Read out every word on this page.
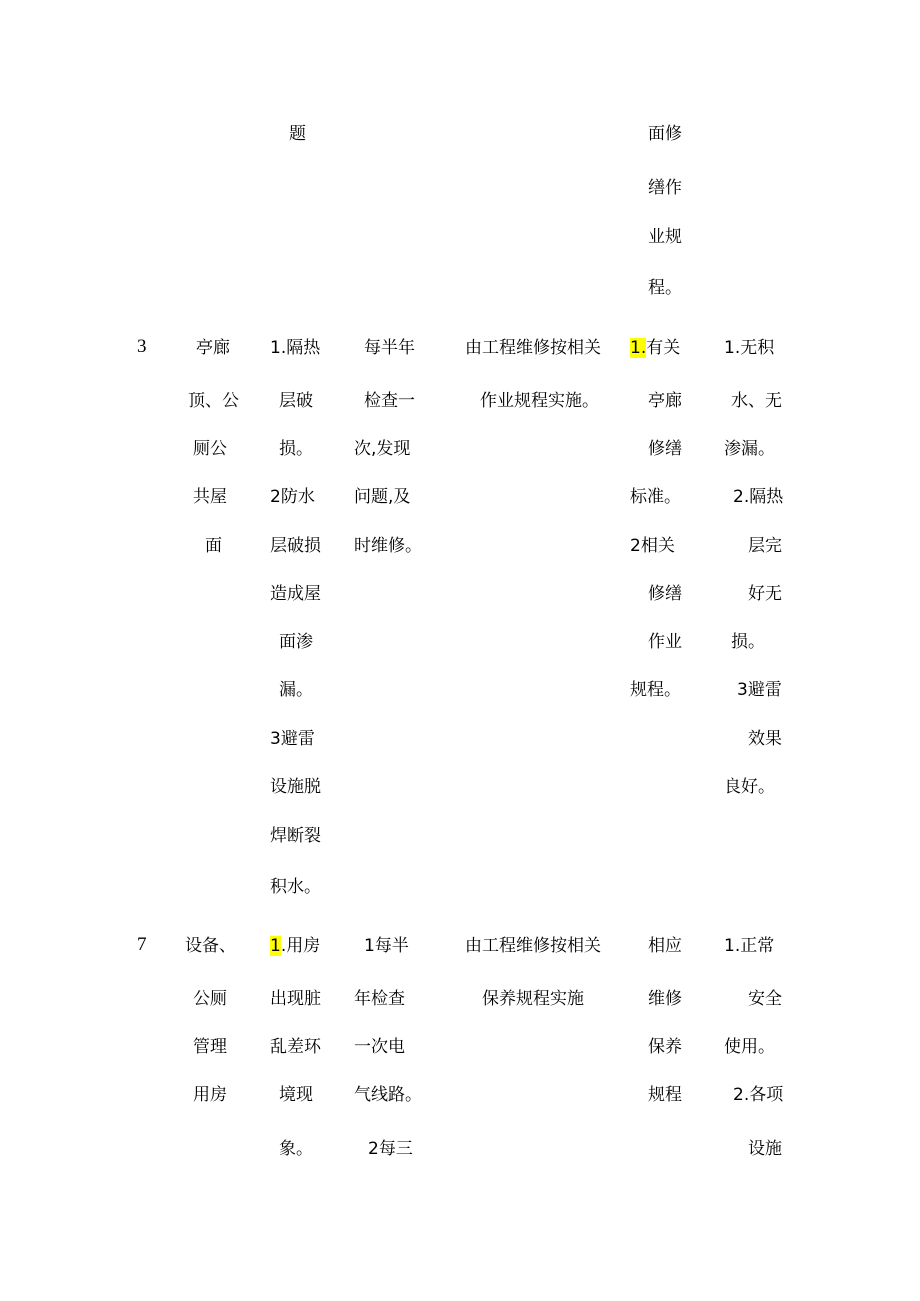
题	面修
缮作
业规
程。
3	亭廊
顶、公
厕公
共屋
面
1.隔热
层破
损。
2防水
层破损
造成屋
面渗
漏。
3避雷
设施脱
焊断裂
积水。
每半年
检查一
次,发现
问题,及
时维修。
由工程维修按相关
作业规程实施。
1.有关
亭廊
修缮
标准。
2相关
修缮
作业
规程。
1.无积
水、无
渗漏。
2.隔热
层完
好无
损。
3避雷
效果
良好。
7 设备、
公厕
管理
用房
1.用房
出现脏
乱差环
境现
象。
1每半
年检查
一次电
气线路。
2每三
由工程维修按相关
保养规程实施
相应
维修
保养
规程
1.正常
安全
使用。
2.各项
设施
